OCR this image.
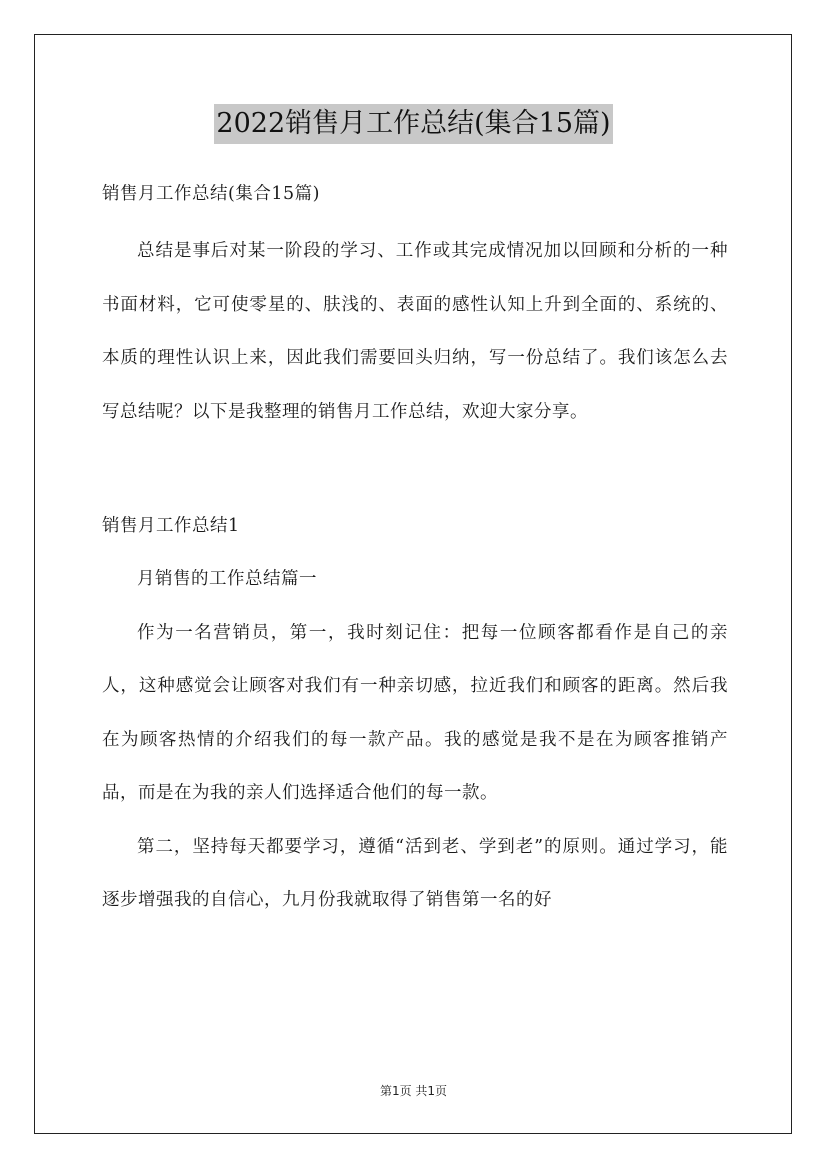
2022销售月工作总结(集合15篇)

销售月工作总结(集合15篇)

总结是事后对某一阶段的学习、工作或其完成情况加以回顾和分析的一种书面材料，它可使零星的、肤浅的、表面的感性认知上升到全面的、系统的、本质的理性认识上来，因此我们需要回头归纳，写一份总结了。我们该怎么去写总结呢？以下是我整理的销售月工作总结，欢迎大家分享。

销售月工作总结1

月销售的工作总结篇一

作为一名营销员，第一，我时刻记住：把每一位顾客都看作是自己的亲人，这种感觉会让顾客对我们有一种亲切感，拉近我们和顾客的距离。然后我在为顾客热情的介绍我们的每一款产品。我的感觉是我不是在为顾客推销产品，而是在为我的亲人们选择适合他们的每一款。

第二，坚持每天都要学习，遵循“活到老、学到老”的原则。通过学习，能逐步增强我的自信心，九月份我就取得了销售第一名的好

第1页 共1页
